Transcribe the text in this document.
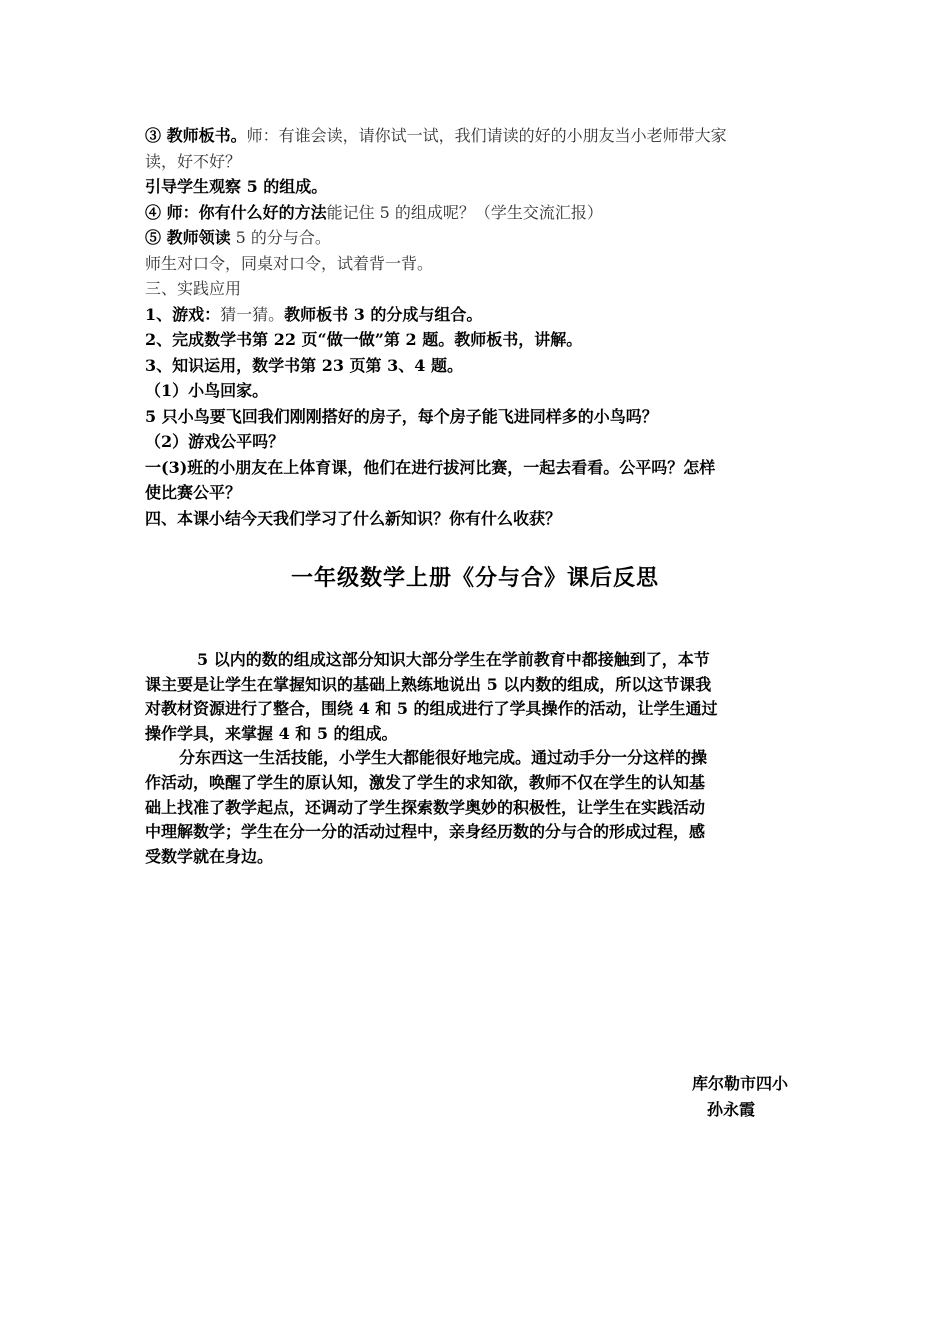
③ 教师板书。师：有谁会读，请你试一试，我们请读的好的小朋友当小老师带大家
读，好不好？
引导学生观察 5 的组成。
④ 师：你有什么好的方法能记住 5 的组成呢？（学生交流汇报）
⑤ 教师领读 5 的分与合。
师生对口令，同桌对口令，试着背一背。
三、实践应用
1、游戏：猜一猜。教师板书 3 的分成与组合。
2、完成数学书第 22 页“做一做”第 2 题。教师板书，讲解。
3、知识运用，数学书第 23 页第 3、4 题。
（1）小鸟回家。
5 只小鸟要飞回我们刚刚搭好的房子，每个房子能飞进同样多的小鸟吗？
（2）游戏公平吗？
一(3)班的小朋友在上体育课，他们在进行拔河比赛，一起去看看。公平吗？怎样
使比赛公平？
四、本课小结今天我们学习了什么新知识？你有什么收获？
一年级数学上册《分与合》课后反思
5 以内的数的组成这部分知识大部分学生在学前教育中都接触到了，本节
课主要是让学生在掌握知识的基础上熟练地说出 5 以内数的组成，所以这节课我
对教材资源进行了整合，围绕 4 和 5 的组成进行了学具操作的活动，让学生通过
操作学具，来掌握 4 和 5 的组成。
分东西这一生活技能，小学生大都能很好地完成。通过动手分一分这样的操
作活动，唤醒了学生的原认知，激发了学生的求知欲，教师不仅在学生的认知基
础上找准了教学起点，还调动了学生探索数学奥妙的积极性，让学生在实践活动
中理解数学；学生在分一分的活动过程中，亲身经历数的分与合的形成过程，感
受数学就在身边。
库尔勒市四小
孙永霞
